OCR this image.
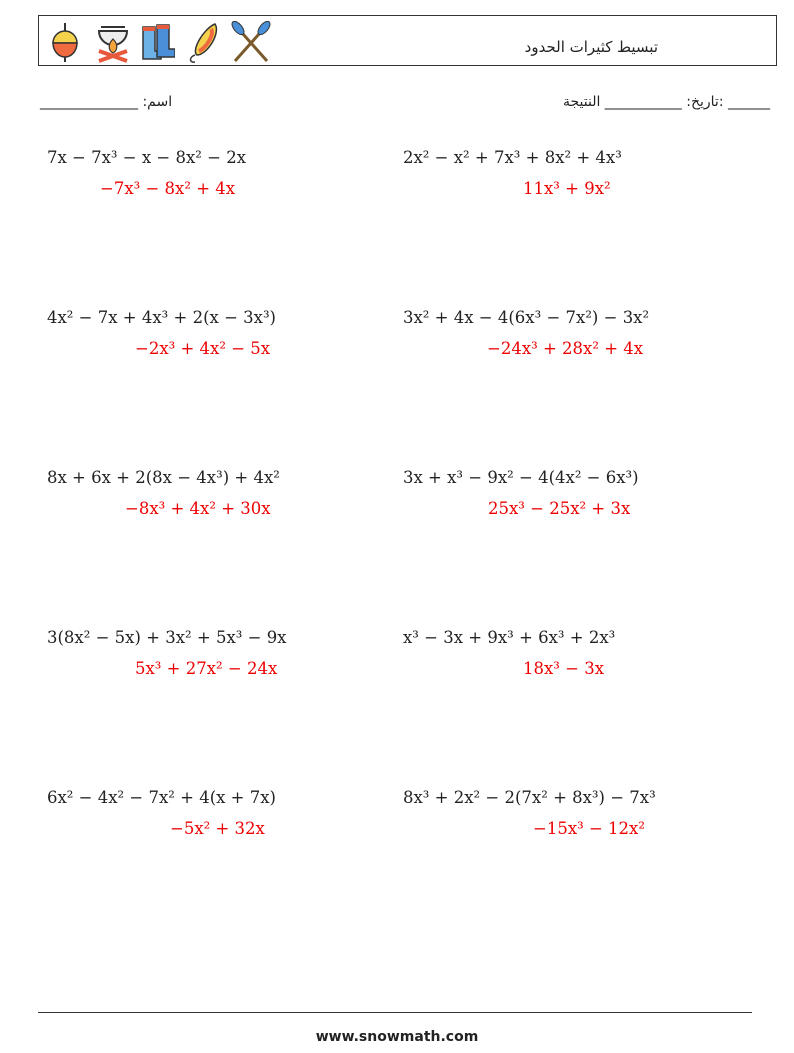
تبسيط كثيرات الحدود
اسم: ______________	______ :تاريخ: ___________ النتيجة
7x − 7x³ − x − 8x² − 2x
−7x³ − 8x² + 4x
2x² − x² + 7x³ + 8x² + 4x³
11x³ + 9x²
4x² − 7x + 4x³ + 2(x − 3x³)
−2x³ + 4x² − 5x
3x² + 4x − 4(6x³ − 7x²) − 3x²
−24x³ + 28x² + 4x
8x + 6x + 2(8x − 4x³) + 4x²
−8x³ + 4x² + 30x
3x + x³ − 9x² − 4(4x² − 6x³)
25x³ − 25x² + 3x
3(8x² − 5x) + 3x² + 5x³ − 9x
5x³ + 27x² − 24x
x³ − 3x + 9x³ + 6x³ + 2x³
18x³ − 3x
6x² − 4x² − 7x² + 4(x + 7x)
−5x² + 32x
8x³ + 2x² − 2(7x² + 8x³) − 7x³
−15x³ − 12x²
www.snowmath.com
